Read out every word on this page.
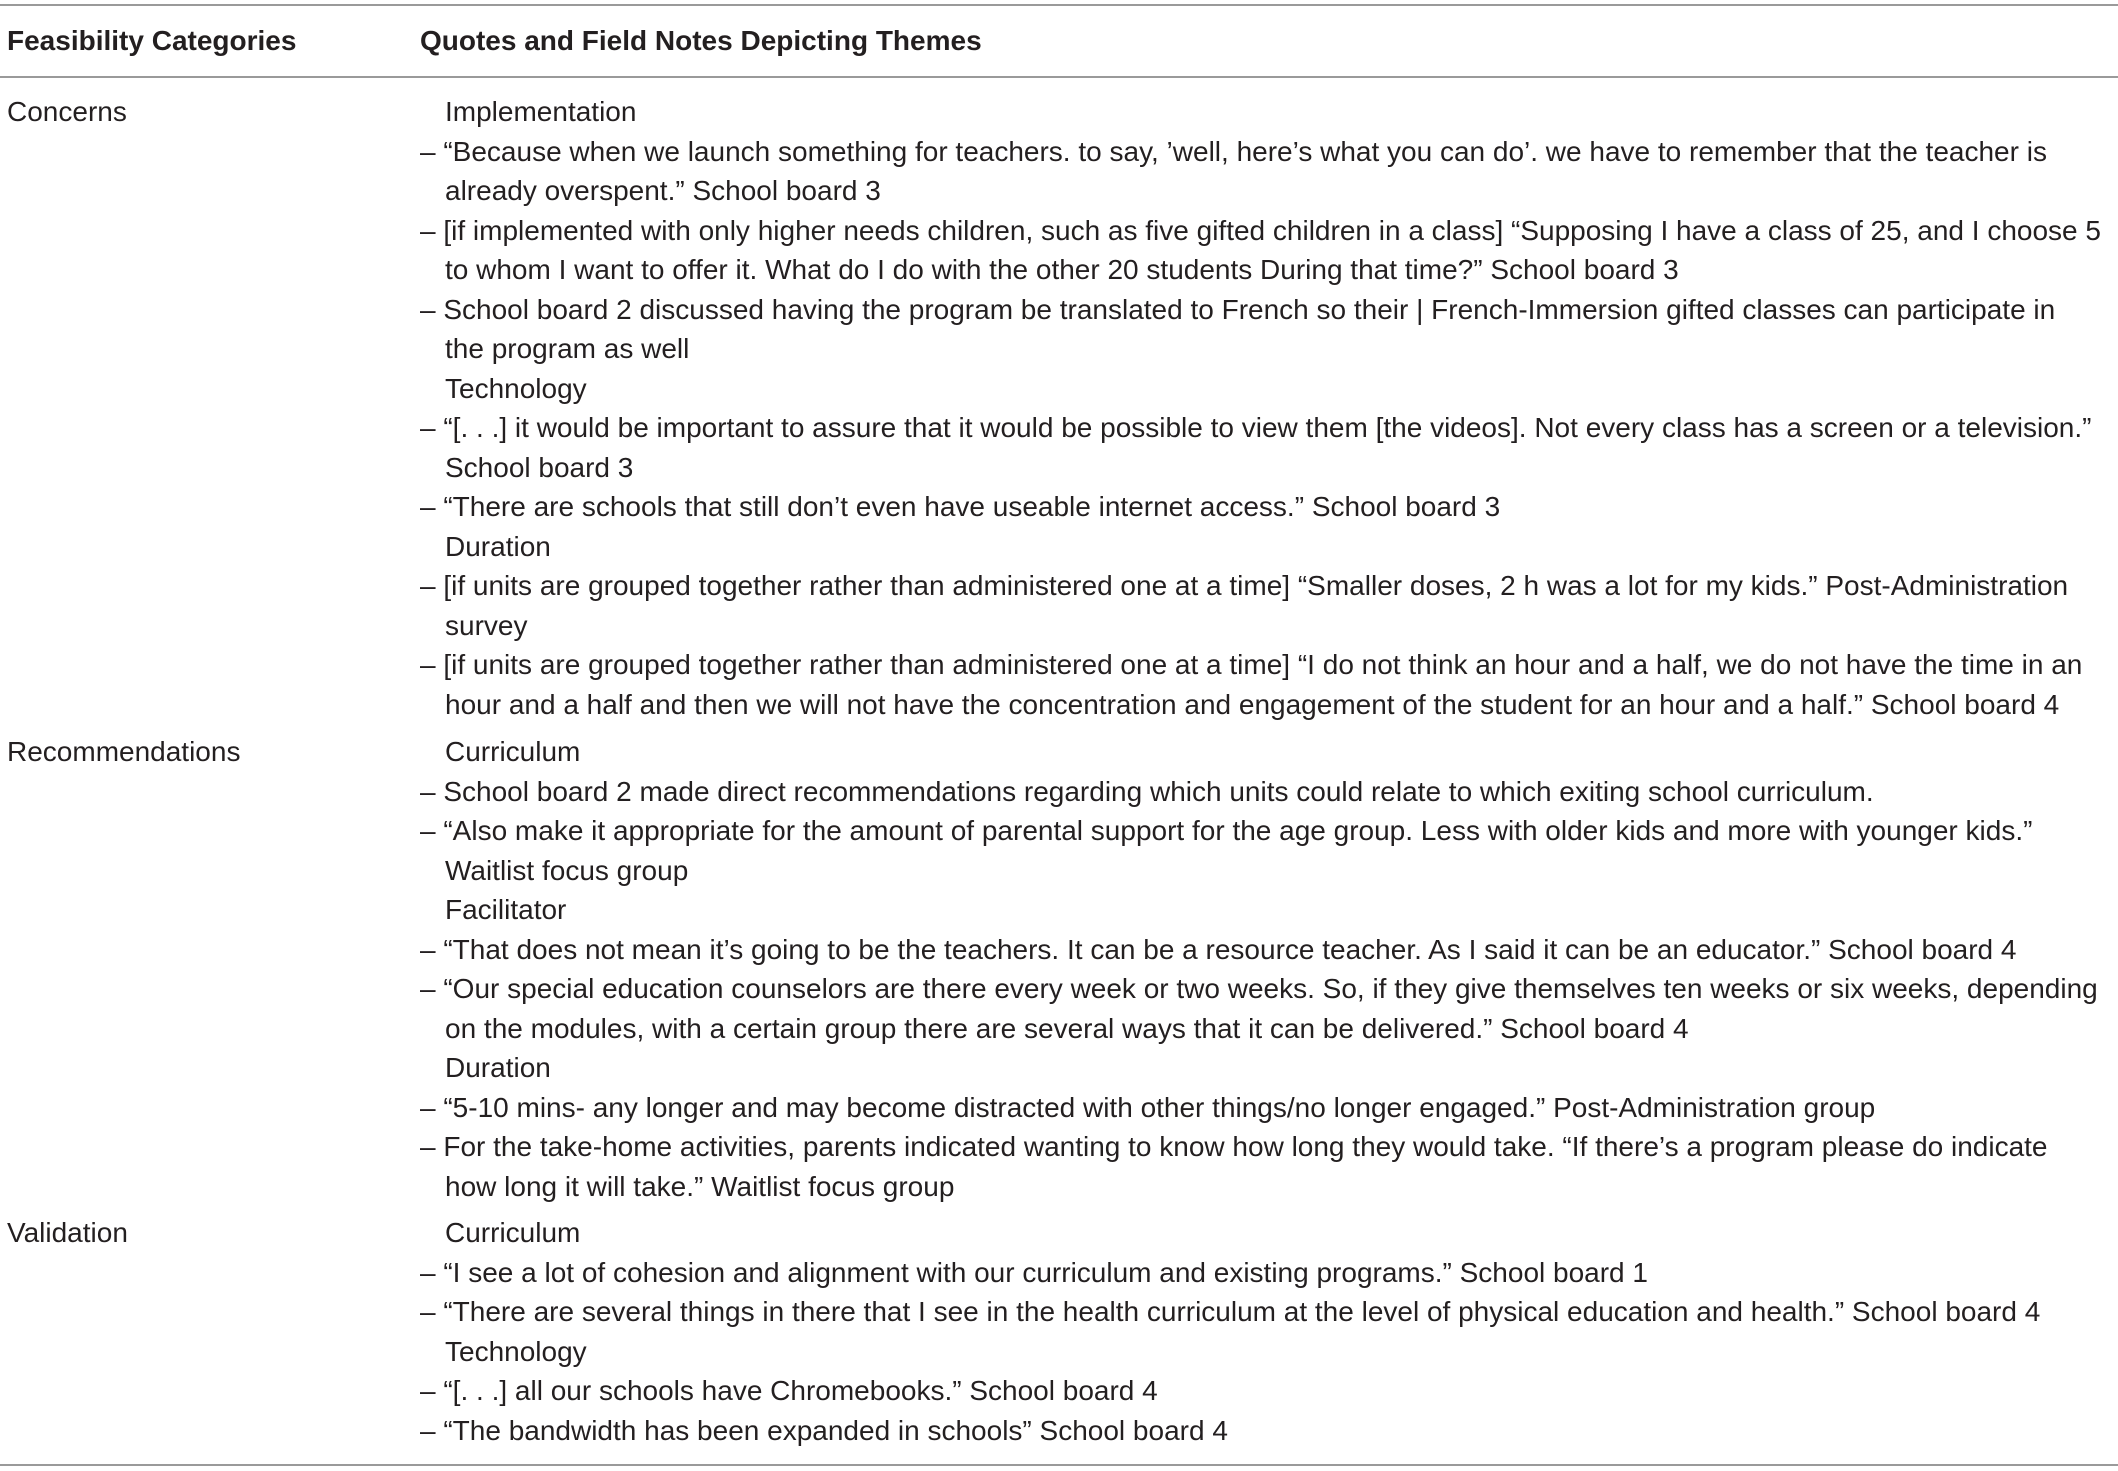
Feasibility Categories	Quotes and Field Notes Depicting Themes
Concerns	Implementation
– “Because when we launch something for teachers. to say, ’well, here’s what you can do’. we have to remember that the teacher is
already overspent.” School board 3
– [if implemented with only higher needs children, such as five gifted children in a class] “Supposing I have a class of 25, and I choose 5
to whom I want to offer it. What do I do with the other 20 students During that time?” School board 3
– School board 2 discussed having the program be translated to French so their | French-Immersion gifted classes can participate in
the program as well
Technology
– “[. . .] it would be important to assure that it would be possible to view them [the videos]. Not every class has a screen or a television.”
School board 3
– “There are schools that still don’t even have useable internet access.” School board 3
Duration
– [if units are grouped together rather than administered one at a time] “Smaller doses, 2 h was a lot for my kids.” Post-Administration
survey
– [if units are grouped together rather than administered one at a time] “I do not think an hour and a half, we do not have the time in an
hour and a half and then we will not have the concentration and engagement of the student for an hour and a half.” School board 4
Recommendations	Curriculum
– School board 2 made direct recommendations regarding which units could relate to which exiting school curriculum.
– “Also make it appropriate for the amount of parental support for the age group. Less with older kids and more with younger kids.”
Waitlist focus group
Facilitator
– “That does not mean it’s going to be the teachers. It can be a resource teacher. As I said it can be an educator.” School board 4
– “Our special education counselors are there every week or two weeks. So, if they give themselves ten weeks or six weeks, depending
on the modules, with a certain group there are several ways that it can be delivered.” School board 4
Duration
– “5-10 mins- any longer and may become distracted with other things/no longer engaged.” Post-Administration group
– For the take-home activities, parents indicated wanting to know how long they would take. “If there’s a program please do indicate
how long it will take.” Waitlist focus group
Validation	Curriculum
– “I see a lot of cohesion and alignment with our curriculum and existing programs.” School board 1
– “There are several things in there that I see in the health curriculum at the level of physical education and health.” School board 4
Technology
– “[. . .] all our schools have Chromebooks.” School board 4
– “The bandwidth has been expanded in schools” School board 4
